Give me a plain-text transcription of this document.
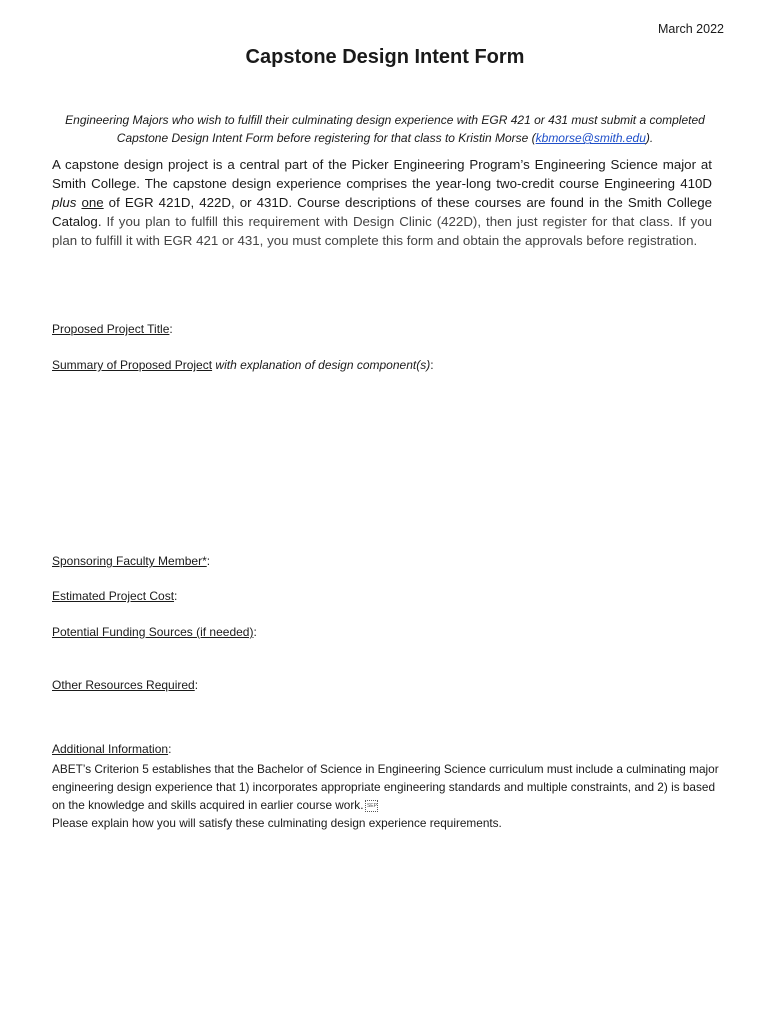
March 2022
Capstone Design Intent Form
Engineering Majors who wish to fulfill their culminating design experience with EGR 421 or 431 must submit a completed Capstone Design Intent Form before registering for that class to Kristin Morse (kbmorse@smith.edu).
A capstone design project is a central part of the Picker Engineering Program’s Engineering Science major at Smith College. The capstone design experience comprises the year-long two-credit course Engineering 410D plus one of EGR 421D, 422D, or 431D. Course descriptions of these courses are found in the Smith College Catalog. If you plan to fulfill this requirement with Design Clinic (422D), then just register for that class. If you plan to fulfill it with EGR 421 or 431, you must complete this form and obtain the approvals before registration.
Proposed Project Title:
Summary of Proposed Project with explanation of design component(s):
Sponsoring Faculty Member*:
Estimated Project Cost:
Potential Funding Sources (if needed):
Other Resources Required:
Additional Information:

ABET’s Criterion 5 establishes that the Bachelor of Science in Engineering Science curriculum must include a culminating major engineering design experience that 1) incorporates appropriate engineering standards and multiple constraints, and 2) is based on the knowledge and skills acquired in earlier course work. SEP

Please explain how you will satisfy these culminating design experience requirements.
